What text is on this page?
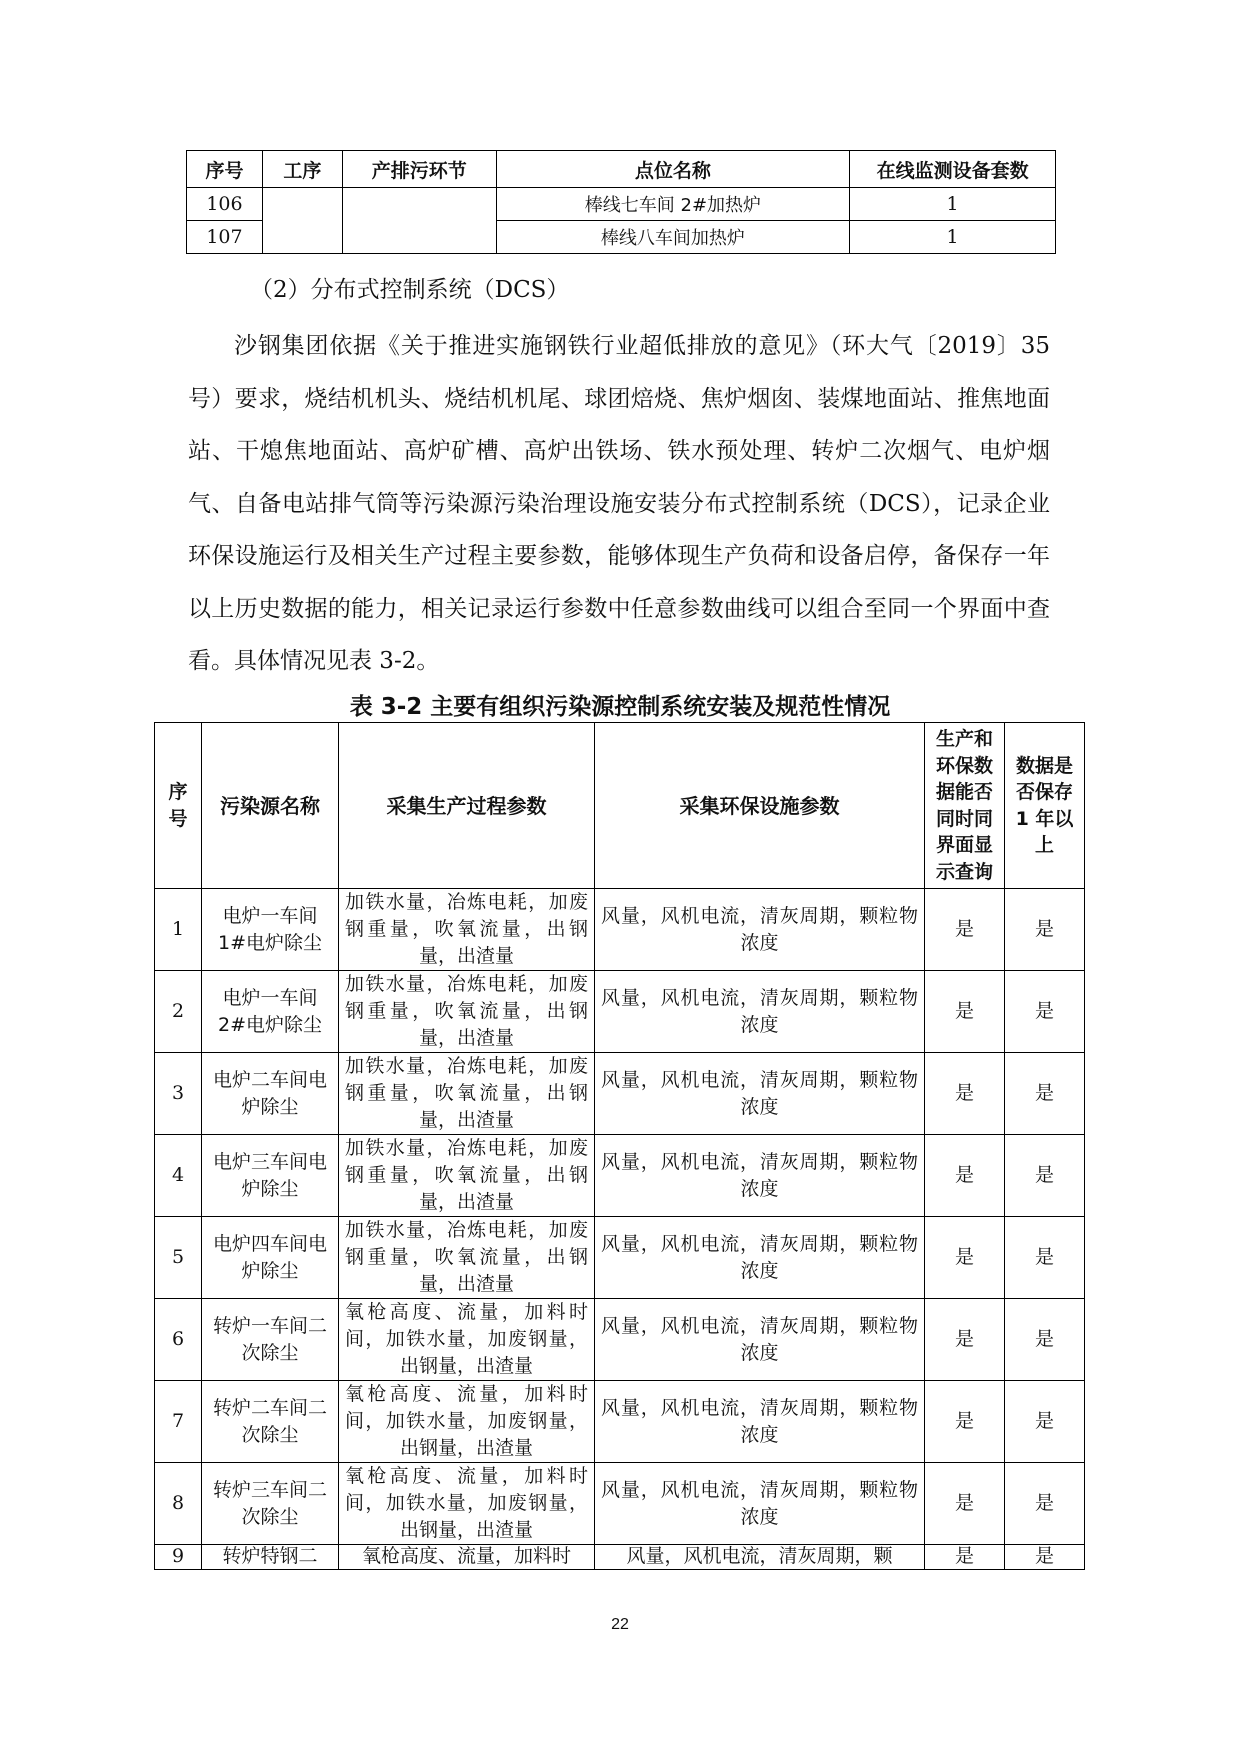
序号	工序	产排污环节	点位名称	在线监测设备套数
106			棒线七车间 2#加热炉	1
107			棒线八车间加热炉	1
（2）分布式控制系统（DCS）

沙钢集团依据《关于推进实施钢铁行业超低排放的意见》（环大气〔2019〕35 号）要求，烧结机机头、烧结机机尾、球团焙烧、焦炉烟囱、装煤地面站、推焦地面站、干熄焦地面站、高炉矿槽、高炉出铁场、铁水预处理、转炉二次烟气、电炉烟气、自备电站排气筒等污染源污染治理设施安装分布式控制系统（DCS），记录企业环保设施运行及相关生产过程主要参数，能够体现生产负荷和设备启停，备保存一年以上历史数据的能力，相关记录运行参数中任意参数曲线可以组合至同一个界面中查看。具体情况见表 3-2。

表 3-2 主要有组织污染源控制系统安装及规范性情况
序号	污染源名称	采集生产过程参数	采集环保设施参数	生产和环保数据能否同时同界面显示查询	数据是否保存 1 年以上
1	电炉一车间 1#电炉除尘	加铁水量，冶炼电耗，加废钢重量，吹氧流量，出钢量，出渣量	风量，风机电流，清灰周期，颗粒物浓度	是	是
2	电炉一车间 2#电炉除尘	加铁水量，冶炼电耗，加废钢重量，吹氧流量，出钢量，出渣量	风量，风机电流，清灰周期，颗粒物浓度	是	是
3	电炉二车间电炉除尘	加铁水量，冶炼电耗，加废钢重量，吹氧流量，出钢量，出渣量	风量，风机电流，清灰周期，颗粒物浓度	是	是
4	电炉三车间电炉除尘	加铁水量，冶炼电耗，加废钢重量，吹氧流量，出钢量，出渣量	风量，风机电流，清灰周期，颗粒物浓度	是	是
5	电炉四车间电炉除尘	加铁水量，冶炼电耗，加废钢重量，吹氧流量，出钢量，出渣量	风量，风机电流，清灰周期，颗粒物浓度	是	是
6	转炉一车间二次除尘	氧枪高度、流量，加料时间，加铁水量，加废钢量，出钢量，出渣量	风量，风机电流，清灰周期，颗粒物浓度	是	是
7	转炉二车间二次除尘	氧枪高度、流量，加料时间，加铁水量，加废钢量，出钢量，出渣量	风量，风机电流，清灰周期，颗粒物浓度	是	是
8	转炉三车间二次除尘	氧枪高度、流量，加料时间，加铁水量，加废钢量，出钢量，出渣量	风量，风机电流，清灰周期，颗粒物浓度	是	是
9	转炉特钢二	氧枪高度、流量，加料时	风量，风机电流，清灰周期，颗	是	是
22
